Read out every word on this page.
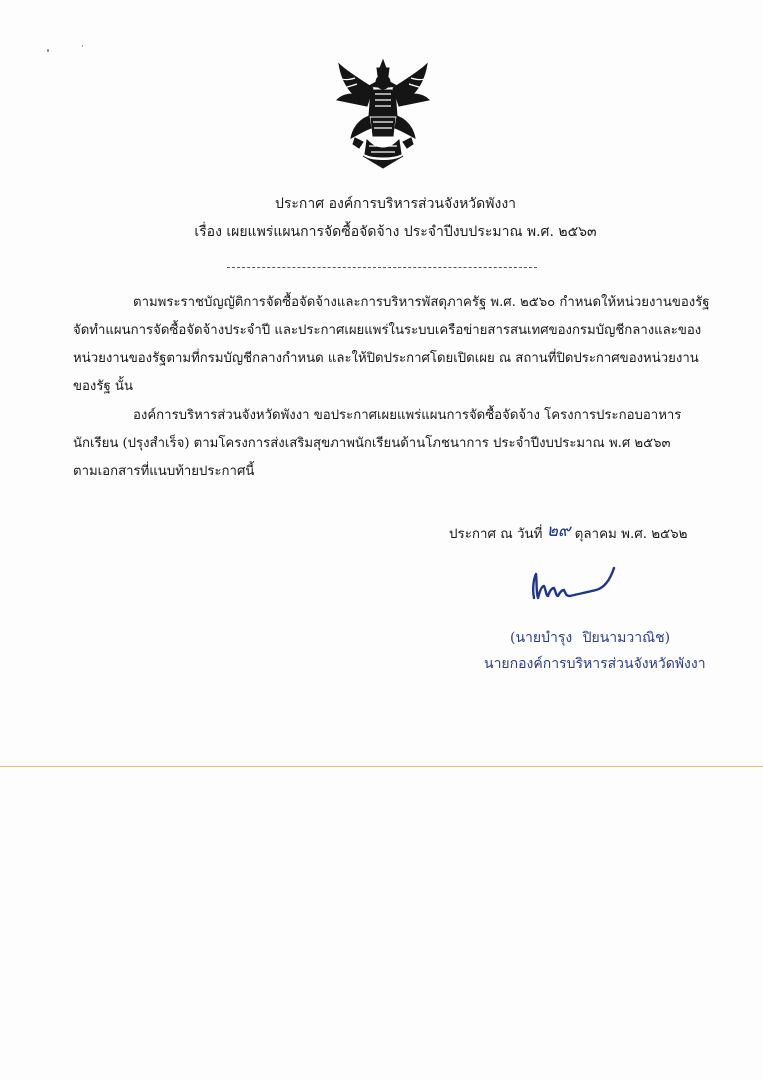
ประกาศ องค์การบริหารส่วนจังหวัดพังงา
เรื่อง เผยแพร่แผนการจัดซื้อจัดจ้าง ประจำปีงบประมาณ พ.ศ. ๒๕๖๓
ตามพระราชบัญญัติการจัดซื้อจัดจ้างและการบริหารพัสดุภาครัฐ พ.ศ. ๒๕๖๐ กำหนดให้หน่วยงานของรัฐ
จัดทำแผนการจัดซื้อจัดจ้างประจำปี และประกาศเผยแพร่ในระบบเครือข่ายสารสนเทศของกรมบัญชีกลางและของ
หน่วยงานของรัฐตามที่กรมบัญชีกลางกำหนด และให้ปิดประกาศโดยเปิดเผย ณ สถานที่ปิดประกาศของหน่วยงาน
ของรัฐ นั้น
องค์การบริหารส่วนจังหวัดพังงา ขอประกาศเผยแพร่แผนการจัดซื้อจัดจ้าง โครงการประกอบอาหาร
นักเรียน (ปรุงสำเร็จ) ตามโครงการส่งเสริมสุขภาพนักเรียนด้านโภชนาการ ประจำปีงบประมาณ พ.ศ ๒๕๖๓
ตามเอกสารที่แนบท้ายประกาศนี้
ประกาศ ณ วันที่ ๒๙ ตุลาคม พ.ศ. ๒๕๖๒
(นายบำรุง ปิยนามวาณิช)
นายกองค์การบริหารส่วนจังหวัดพังงา
